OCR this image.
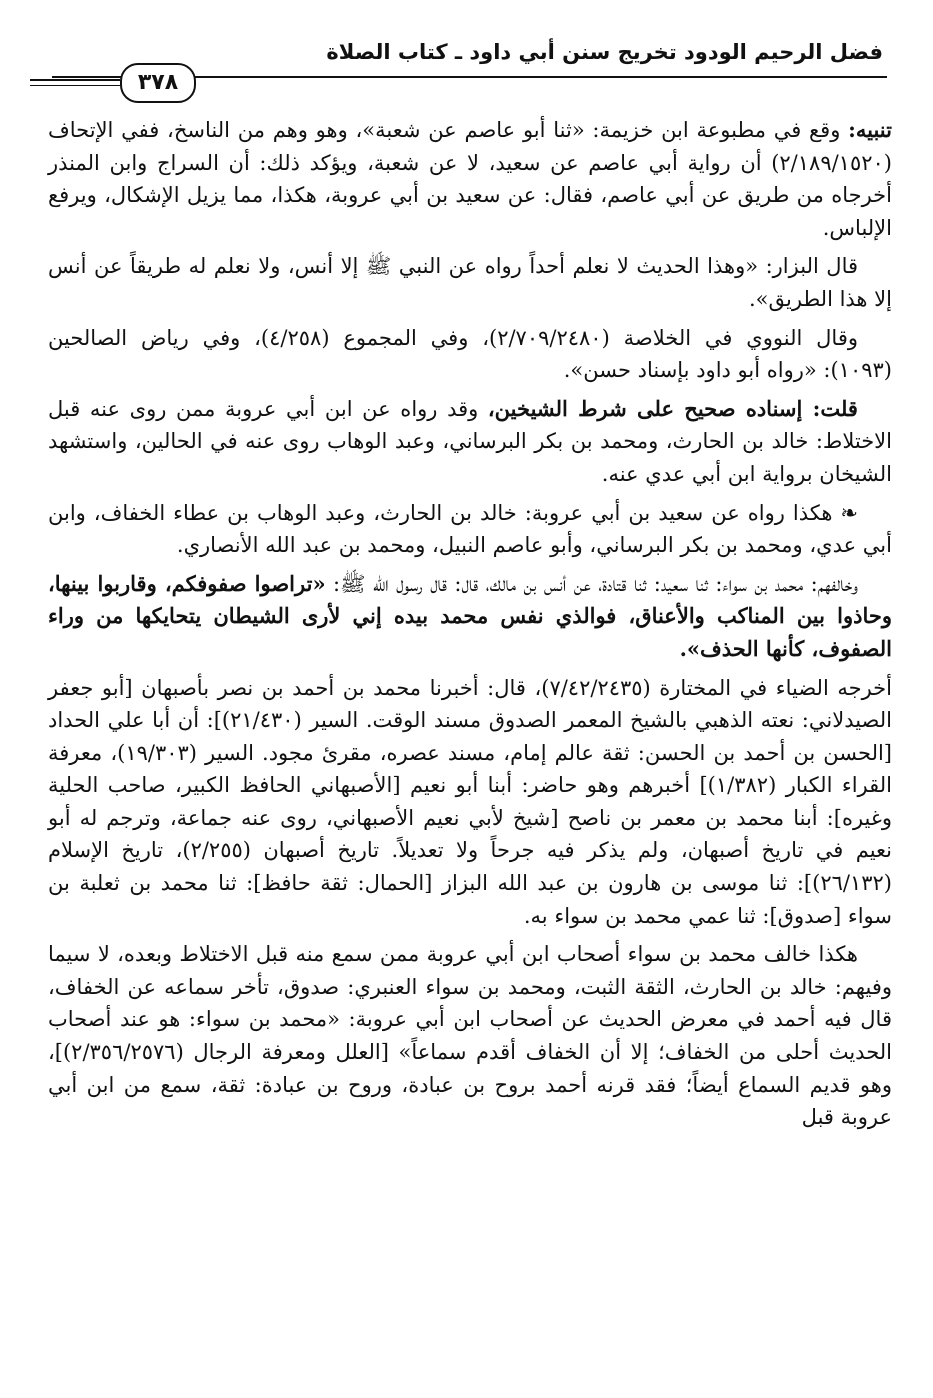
فضل الرحيم الودود تخريج سنن أبي داود ـ كتاب الصلاة
٣٧٨

تنبيه: وقع في مطبوعة ابن خزيمة: «ثنا أبو عاصم عن شعبة»، وهو وهم من الناسخ، ففي الإتحاف (٢/١٨٩/١٥٢٠) أن رواية أبي عاصم عن سعيد، لا عن شعبة، ويؤكد ذلك: أن السراج وابن المنذر أخرجاه من طريق عن أبي عاصم، فقال: عن سعيد بن أبي عروبة، هكذا، مما يزيل الإشكال، ويرفع الإلباس.

قال البزار: «وهذا الحديث لا نعلم أحداً رواه عن النبي ﷺ إلا أنس، ولا نعلم له طريقاً عن أنس إلا هذا الطريق».

وقال النووي في الخلاصة (٢/٧٠٩/٢٤٨٠)، وفي المجموع (٤/٢٥٨)، وفي رياض الصالحين (١٠٩٣): «رواه أبو داود بإسناد حسن».

قلت: إسناده صحيح على شرط الشيخين، وقد رواه عن ابن أبي عروبة ممن روى عنه قبل الاختلاط: خالد بن الحارث، ومحمد بن بكر البرساني، وعبد الوهاب روى عنه في الحالين، واستشهد الشيخان برواية ابن أبي عدي عنه.

❧ هكذا رواه عن سعيد بن أبي عروبة: خالد بن الحارث، وعبد الوهاب بن عطاء الخفاف، وابن أبي عدي، ومحمد بن بكر البرساني، وأبو عاصم النبيل، ومحمد بن عبد الله الأنصاري.

وخالفهم: محمد بن سواء: ثنا سعيد: ثنا قتادة، عن أنس بن مالك، قال: قال رسول الله ﷺ: «تراصوا صفوفكم، وقاربوا بينها، وحاذوا بين المناكب والأعناق، فوالذي نفس محمد بيده إني لأرى الشيطان يتحايكها من وراء الصفوف، كأنها الحذف».

أخرجه الضياء في المختارة (٧/٤٢/٢٤٣٥)، قال: أخبرنا محمد بن أحمد بن نصر بأصبهان [أبو جعفر الصيدلاني: نعته الذهبي بالشيخ المعمر الصدوق مسند الوقت. السير (٢١/٤٣٠)]: أن أبا علي الحداد [الحسن بن أحمد بن الحسن: ثقة عالم إمام، مسند عصره، مقرئ مجود. السير (١٩/٣٠٣)، معرفة القراء الكبار (١/٣٨٢)] أخبرهم وهو حاضر: أبنا أبو نعيم [الأصبهاني الحافظ الكبير، صاحب الحلية وغيره]: أبنا محمد بن معمر بن ناصح [شيخ لأبي نعيم الأصبهاني، روى عنه جماعة، وترجم له أبو نعيم في تاريخ أصبهان، ولم يذكر فيه جرحاً ولا تعديلاً. تاريخ أصبهان (٢/٢٥٥)، تاريخ الإسلام (٢٦/١٣٢)]: ثنا موسى بن هارون بن عبد الله البزاز [الحمال: ثقة حافظ]: ثنا محمد بن ثعلبة بن سواء [صدوق]: ثنا عمي محمد بن سواء به.

هكذا خالف محمد بن سواء أصحاب ابن أبي عروبة ممن سمع منه قبل الاختلاط وبعده، لا سيما وفيهم: خالد بن الحارث، الثقة الثبت، ومحمد بن سواء العنبري: صدوق، تأخر سماعه عن الخفاف، قال فيه أحمد في معرض الحديث عن أصحاب ابن أبي عروبة: «محمد بن سواء: هو عند أصحاب الحديث أحلى من الخفاف؛ إلا أن الخفاف أقدم سماعاً» [العلل ومعرفة الرجال (٢/٣٥٦/٢٥٧٦)]، وهو قديم السماع أيضاً؛ فقد قرنه أحمد بروح بن عبادة، وروح بن عبادة: ثقة، سمع من ابن أبي عروبة قبل
